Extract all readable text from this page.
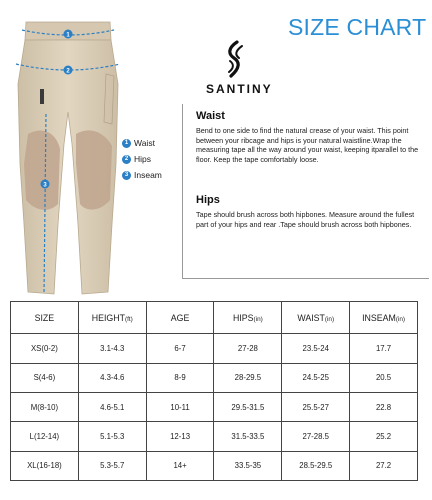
1
2
3
1 Waist
2 Hips
3 Inseam
SIZE CHART
SANTINY
Waist
Bend to one side to find the natural crease of your waist. This point between your ribcage and hips is your natural waistline.Wrap the measuring tape all the way around your waist, keeping itparallel to the floor. Keep the tape comfortably loose.
Hips
Tape should brush across both hipbones. Measure around the fullest part of your hips and rear .Tape should brush across both hipbones.
SIZE	HEIGHT(ft)	AGE	HIPS(in)	WAIST(in)	INSEAM(in)
XS(0-2)	3.1-4.3	6-7	27-28	23.5-24	17.7
S(4-6)	4.3-4.6	8-9	28-29.5	24.5-25	20.5
M(8-10)	4.6-5.1	10-11	29.5-31.5	25.5-27	22.8
L(12-14)	5.1-5.3	12-13	31.5-33.5	27-28.5	25.2
XL(16-18)	5.3-5.7	14+	33.5-35	28.5-29.5	27.2
